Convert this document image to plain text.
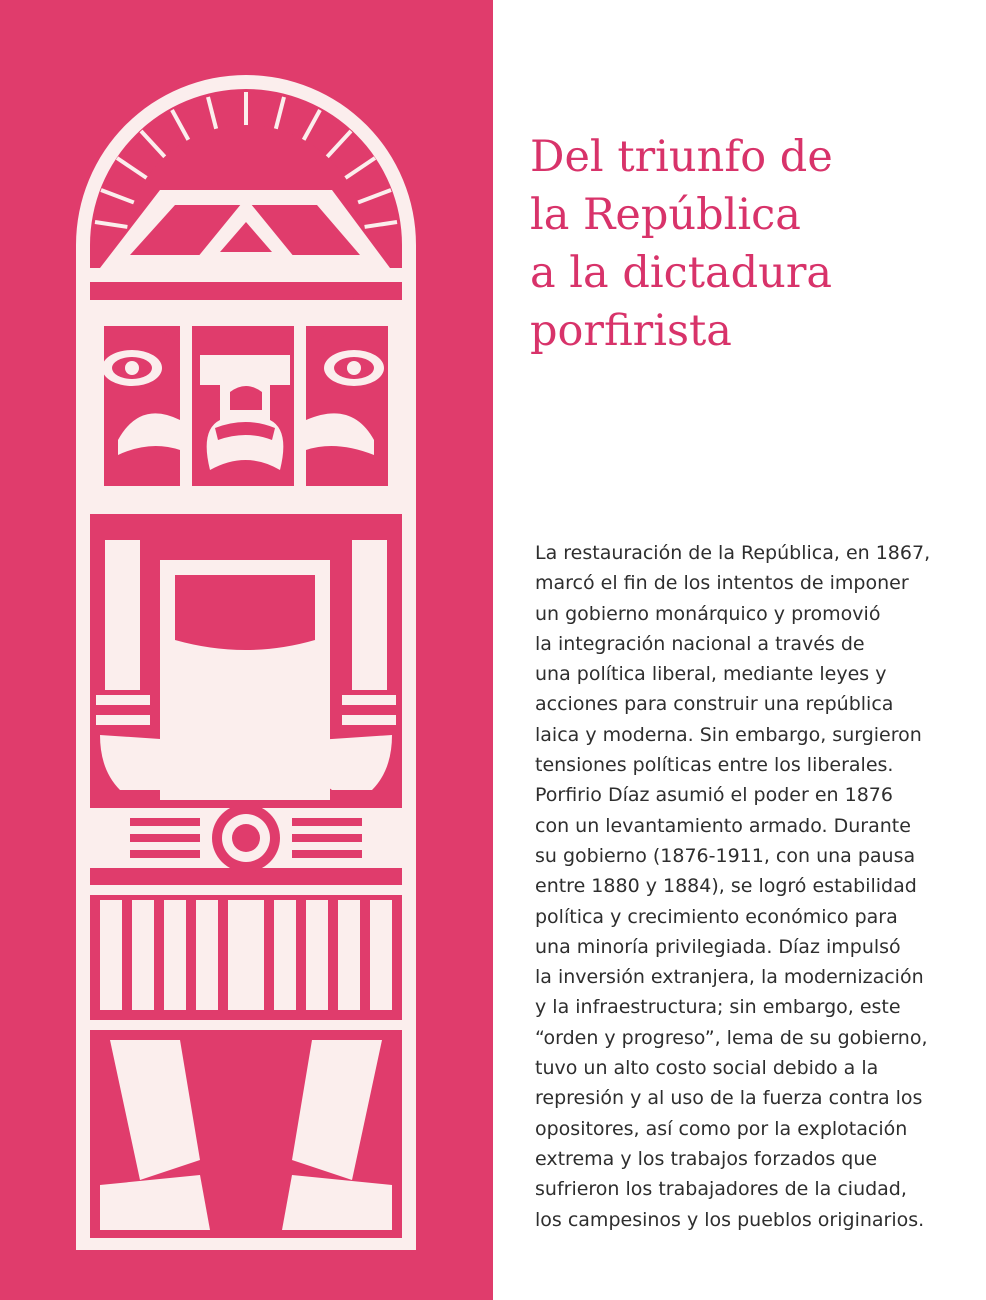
Del triunfo de
la República
a la dictadura
porfirista
La restauración de la República, en 1867,
marcó el fin de los intentos de imponer
un gobierno monárquico y promovió
la integración nacional a través de
una política liberal, mediante leyes y
acciones para construir una república
laica y moderna. Sin embargo, surgieron
tensiones políticas entre los liberales.
Porfirio Díaz asumió el poder en 1876
con un levantamiento armado. Durante
su gobierno (1876-1911, con una pausa
entre 1880 y 1884), se logró estabilidad
política y crecimiento económico para
una minoría privilegiada. Díaz impulsó
la inversión extranjera, la modernización
y la infraestructura; sin embargo, este
“orden y progreso”, lema de su gobierno,
tuvo un alto costo social debido a la
represión y al uso de la fuerza contra los
opositores, así como por la explotación
extrema y los trabajos forzados que
sufrieron los trabajadores de la ciudad,
los campesinos y los pueblos originarios.
